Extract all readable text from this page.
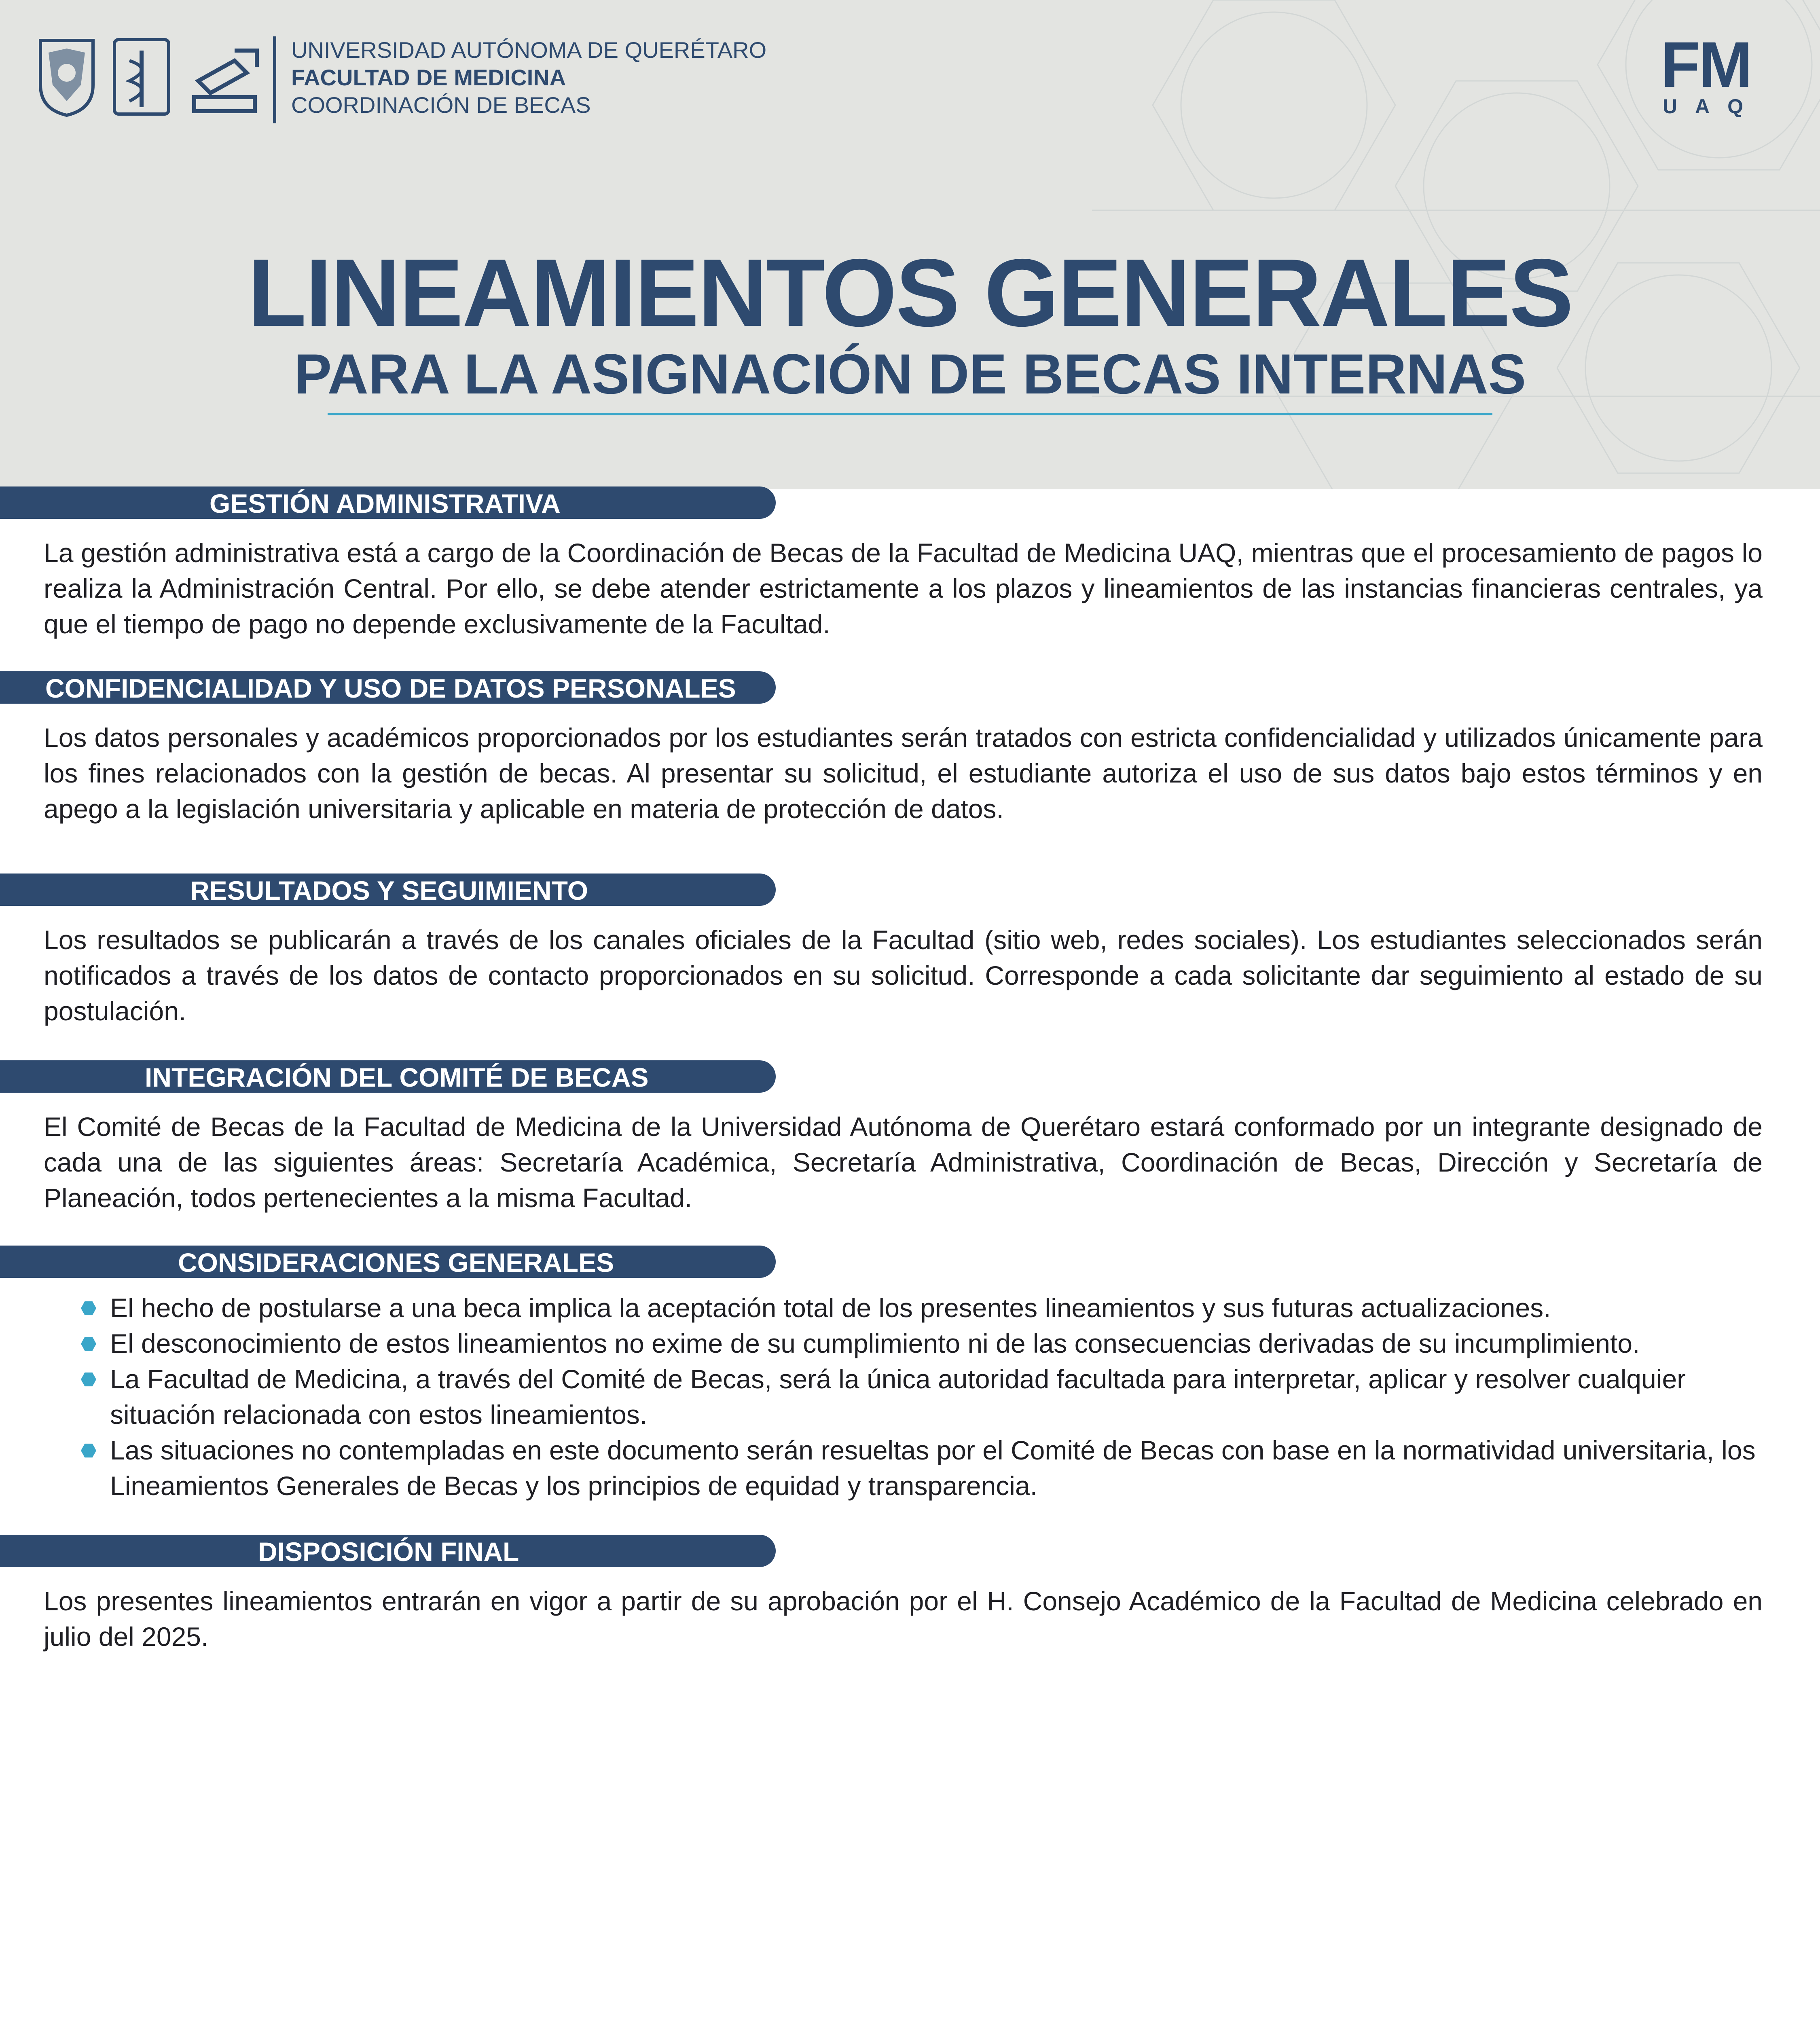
UNIVERSIDAD AUTÓNOMA DE QUERÉTARO
FACULTAD DE MEDICINA
COORDINACIÓN DE BECAS
FM
UAQ
LINEAMIENTOS GENERALES
PARA LA ASIGNACIÓN DE BECAS INTERNAS
GESTIÓN ADMINISTRATIVA
La gestión administrativa está a cargo de la Coordinación de Becas de la Facultad de Medicina UAQ, mientras que el procesamiento de pagos lo realiza la Administración Central. Por ello, se debe atender estrictamente a los plazos y lineamientos de las instancias financieras centrales, ya que el tiempo de pago no depende exclusivamente de la Facultad.
CONFIDENCIALIDAD Y USO DE DATOS PERSONALES
Los datos personales y académicos proporcionados por los estudiantes serán tratados con estricta confidencialidad y utilizados únicamente para los fines relacionados con la gestión de becas. Al presentar su solicitud, el estudiante autoriza el uso de sus datos bajo estos términos y en apego a la legislación universitaria y aplicable en materia de protección de datos.
RESULTADOS Y SEGUIMIENTO
Los resultados se publicarán a través de los canales oficiales de la Facultad (sitio web, redes sociales). Los estudiantes seleccionados serán notificados a través de los datos de contacto proporcionados en su solicitud. Corresponde a cada solicitante dar seguimiento al estado de su postulación.
INTEGRACIÓN DEL COMITÉ DE BECAS
El Comité de Becas de la Facultad de Medicina de la Universidad Autónoma de Querétaro estará conformado por un integrante designado de cada una de las siguientes áreas: Secretaría Académica, Secretaría Administrativa, Coordinación de Becas, Dirección y Secretaría de Planeación, todos pertenecientes a la misma Facultad.
CONSIDERACIONES GENERALES
El hecho de postularse a una beca implica la aceptación total de los presentes lineamientos y sus futuras actualizaciones.
El desconocimiento de estos lineamientos no exime de su cumplimiento ni de las consecuencias derivadas de su incumplimiento.
La Facultad de Medicina, a través del Comité de Becas, será la única autoridad facultada para interpretar, aplicar y resolver cualquier situación relacionada con estos lineamientos.
Las situaciones no contempladas en este documento serán resueltas por el Comité de Becas con base en la normatividad universitaria, los Lineamientos Generales de Becas y los principios de equidad y transparencia.
DISPOSICIÓN FINAL
Los presentes lineamientos entrarán en vigor a partir de su aprobación por el H. Consejo Académico de la Facultad de Medicina celebrado en julio del 2025.
